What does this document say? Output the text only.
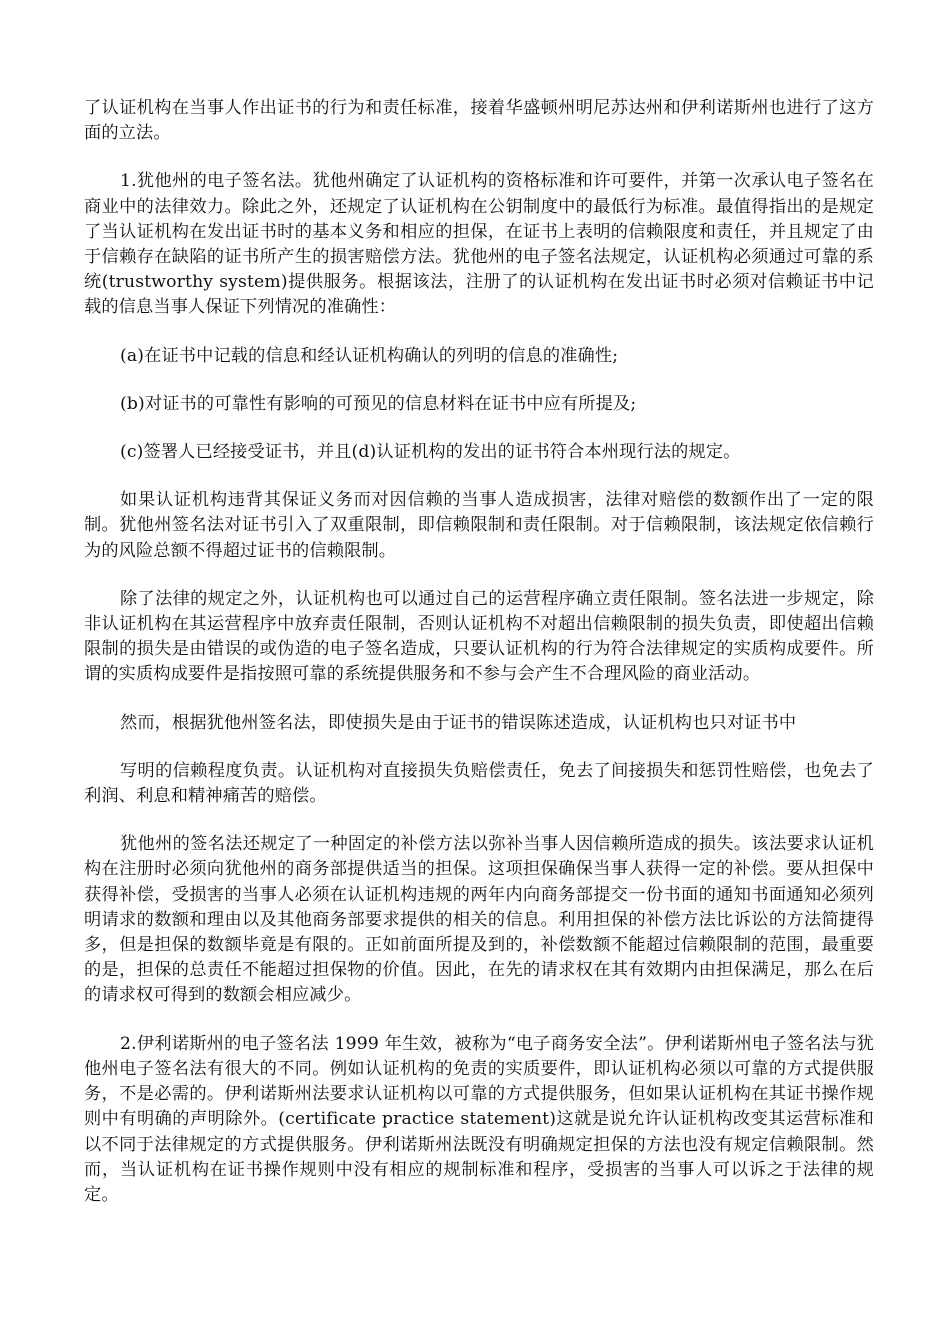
了认证机构在当事人作出证书的行为和责任标准，接着华盛顿州明尼苏达州和伊利诺斯州也进行了这方面的立法。

1.犹他州的电子签名法。犹他州确定了认证机构的资格标准和许可要件，并第一次承认电子签名在商业中的法律效力。除此之外，还规定了认证机构在公钥制度中的最低行为标准。最值得指出的是规定了当认证机构在发出证书时的基本义务和相应的担保，在证书上表明的信赖限度和责任，并且规定了由于信赖存在缺陷的证书所产生的损害赔偿方法。犹他州的电子签名法规定，认证机构必须通过可靠的系统(trustworthy system)提供服务。根据该法，注册了的认证机构在发出证书时必须对信赖证书中记载的信息当事人保证下列情况的准确性：

(a)在证书中记载的信息和经认证机构确认的列明的信息的准确性;

(b)对证书的可靠性有影响的可预见的信息材料在证书中应有所提及;

(c)签署人已经接受证书，并且(d)认证机构的发出的证书符合本州现行法的规定。

如果认证机构违背其保证义务而对因信赖的当事人造成损害，法律对赔偿的数额作出了一定的限制。犹他州签名法对证书引入了双重限制，即信赖限制和责任限制。对于信赖限制，该法规定依信赖行为的风险总额不得超过证书的信赖限制。

除了法律的规定之外，认证机构也可以通过自己的运营程序确立责任限制。签名法进一步规定，除非认证机构在其运营程序中放弃责任限制，否则认证机构不对超出信赖限制的损失负责，即使超出信赖限制的损失是由错误的或伪造的电子签名造成，只要认证机构的行为符合法律规定的实质构成要件。所谓的实质构成要件是指按照可靠的系统提供服务和不参与会产生不合理风险的商业活动。

然而，根据犹他州签名法，即使损失是由于证书的错误陈述造成，认证机构也只对证书中

写明的信赖程度负责。认证机构对直接损失负赔偿责任，免去了间接损失和惩罚性赔偿，也免去了利润、利息和精神痛苦的赔偿。

犹他州的签名法还规定了一种固定的补偿方法以弥补当事人因信赖所造成的损失。该法要求认证机构在注册时必须向犹他州的商务部提供适当的担保。这项担保确保当事人获得一定的补偿。要从担保中获得补偿，受损害的当事人必须在认证机构违规的两年内向商务部提交一份书面的通知书面通知必须列明请求的数额和理由以及其他商务部要求提供的相关的信息。利用担保的补偿方法比诉讼的方法简捷得多，但是担保的数额毕竟是有限的。正如前面所提及到的，补偿数额不能超过信赖限制的范围，最重要的是，担保的总责任不能超过担保物的价值。因此，在先的请求权在其有效期内由担保满足，那么在后的请求权可得到的数额会相应减少。

2.伊利诺斯州的电子签名法 1999 年生效，被称为“电子商务安全法”。伊利诺斯州电子签名法与犹他州电子签名法有很大的不同。例如认证机构的免责的实质要件，即认证机构必须以可靠的方式提供服务，不是必需的。伊利诺斯州法要求认证机构以可靠的方式提供服务，但如果认证机构在其证书操作规则中有明确的声明除外。(certificate practice statement)这就是说允许认证机构改变其运营标准和以不同于法律规定的方式提供服务。伊利诺斯州法既没有明确规定担保的方法也没有规定信赖限制。然而，当认证机构在证书操作规则中没有相应的规制标准和程序，受损害的当事人可以诉之于法律的规定。
